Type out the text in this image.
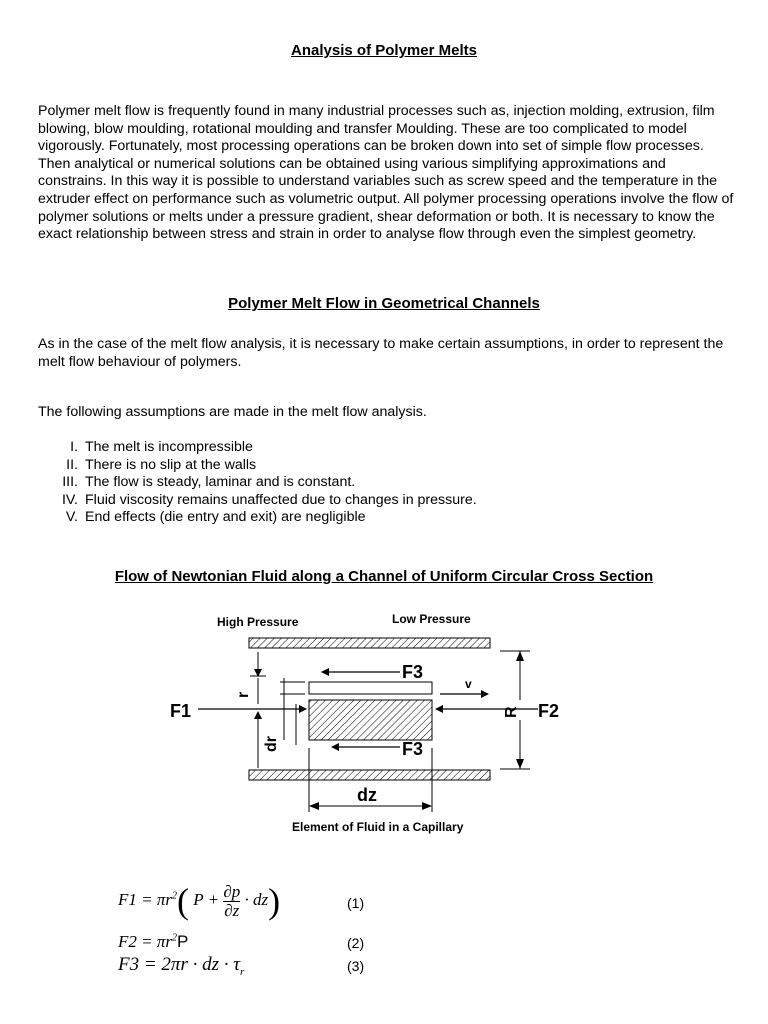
Analysis of Polymer Melts
Polymer melt flow is frequently found in many industrial processes such as, injection molding, extrusion, film blowing, blow moulding, rotational moulding and transfer Moulding. These are too complicated to model vigorously. Fortunately, most processing operations can be broken down into set of simple flow processes. Then analytical or numerical solutions can be obtained using various simplifying approximations and constrains. In this way it is possible to understand variables such as screw speed and the temperature in the extruder effect on performance such as volumetric output. All polymer processing operations involve the flow of polymer solutions or melts under a pressure gradient, shear deformation or both. It is necessary to know the exact relationship between stress and strain in order to analyse flow through even the simplest geometry.
Polymer Melt Flow in Geometrical Channels
As in the case of the melt flow analysis, it is necessary to make certain assumptions, in order to represent the melt flow behaviour of polymers.
The following assumptions are made in the melt flow analysis.
I. The melt is incompressible
II. There is no slip at the walls
III. The flow is steady, laminar and is constant.
IV. Fluid viscosity remains unaffected due to changes in pressure.
V. End effects (die entry and exit) are negligible
Flow of Newtonian Fluid along a Channel of Uniform Circular Cross Section
High Pressure	Low Pressure
F1	F2
F3
F3
v
r
dr
R
dz
Element of Fluid in a Capillary
$F1 = \pi r^2$( $P + \frac{\partial p}{\partial z} \cdot dz$)	(1)
$F2 = \pi r^2P$	(2)
F3 = 2πr · dz · $\tau_r$	(3)
